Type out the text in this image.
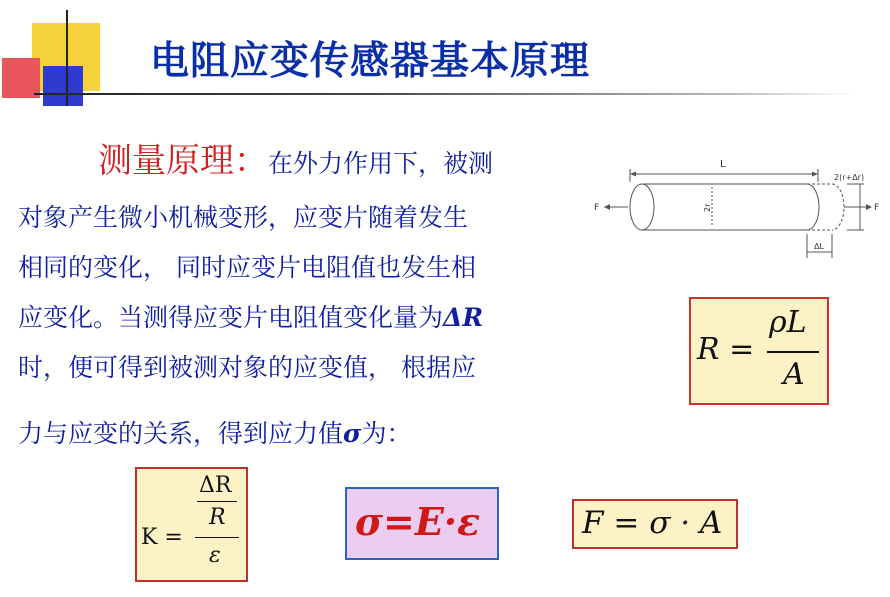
电阻应变传感器基本原理
测量原理：在外力作用下，被测
对象产生微小机械变形，应变片随着发生
相同的变化， 同时应变片电阻值也发生相
应变化。当测得应变片电阻值变化量为ΔR
时，便可得到被测对象的应变值， 根据应
力与应变的关系，得到应力值σ为：
L
2r
2(r+Δr)
ΔL
F	F
R =
ρL
A
K =
ΔR
R
ε
σ=E·ε	F = σ · A
